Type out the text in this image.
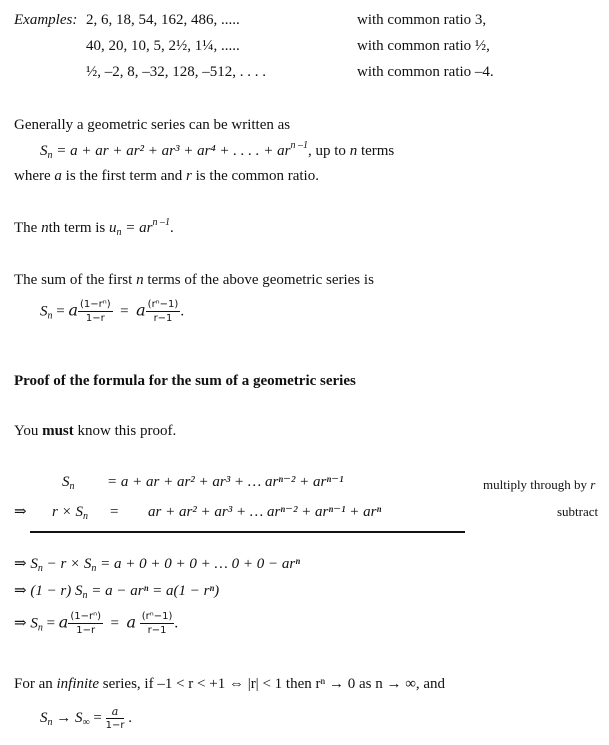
Examples: 2, 6, 18, 54, 162, 486, .....	with common ratio 3,
40, 20, 10, 5, 2½, 1¼, .....	with common ratio ½,
½, –2, 8, –32, 128, –512, . . . .	with common ratio –4.
Generally a geometric series can be written as
$S_n = a$ + ar + ar² + ar³ + ar⁴ + . . . . + $ar^{n -1}$, up to n terms
where a is the first term and r is the common ratio.
The nth term is $u_n = ar^{n -1}$.
The sum of the first n terms of the above geometric series is
$S_n = a \frac{\text{(1−rⁿ)}}{1-r} = a \frac{\text{(rⁿ−1)}}{r-1}$ .
Proof of the formula for the sum of a geometric series
You must know this proof.
$S_n = a$ + ar + ar² + ar³ + … arⁿ⁻² + arⁿ⁻¹	multiply through by r
⇒ $r \times S_n$ = ar + ar² + ar³ + … arⁿ⁻² + arⁿ⁻¹ + arⁿ	subtract
⇒ $S_n - r \times S_n = a + 0 + 0 + 0$ + … 0 + 0 − arⁿ
⇒ (1 − r) $S_n = a - ar^n = a(1 - r^n)$
⇒ $S_n = a \frac{\text{(1−rⁿ)}}{1-r} = a \frac{\text{(rⁿ−1)}}{r-1}$ .
For an infinite series, if –1 < r < +1 ⇔ |r| < 1 then rⁿ → 0 as n → ∞, and
$S_n \to S_\infty = \frac{a}{1-r}$ .
